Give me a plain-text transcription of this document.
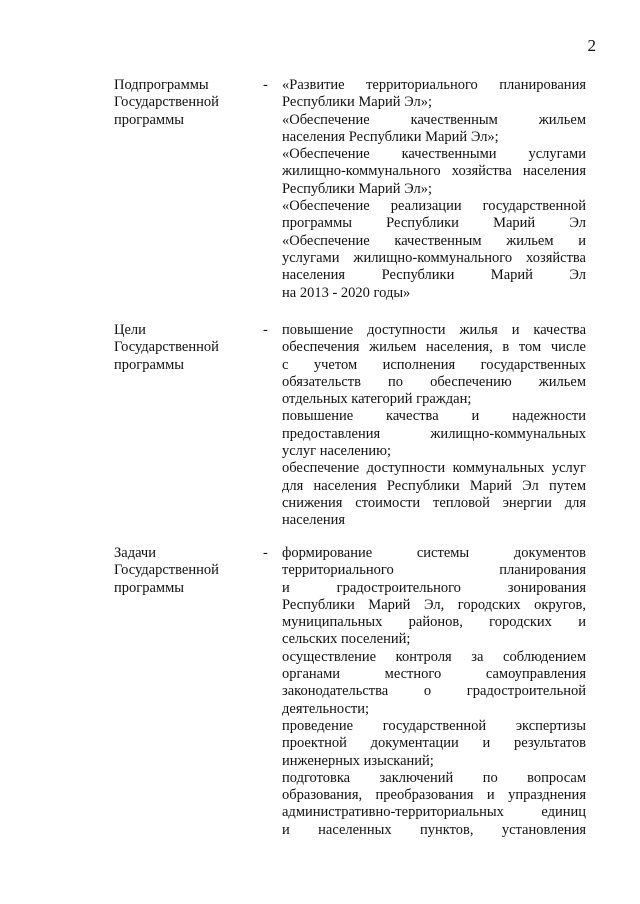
2
Подпрограммы
Государственной
программы
- «Развитие территориального планирования
Республики Марий Эл»;
«Обеспечение качественным жильем
населения Республики Марий Эл»;
«Обеспечение качественными услугами
жилищно-коммунального хозяйства населения
Республики Марий Эл»;
«Обеспечение реализации государственной
программы Республики Марий Эл
«Обеспечение качественным жильем и
услугами жилищно-коммунального хозяйства
населения Республики Марий Эл
на 2013 - 2020 годы»
Цели
Государственной
программы
- повышение доступности жилья и качества
обеспечения жильем населения, в том числе
с учетом исполнения государственных
обязательств по обеспечению жильем
отдельных категорий граждан;
повышение качества и надежности
предоставления жилищно-коммунальных
услуг населению;
обеспечение доступности коммунальных услуг
для населения Республики Марий Эл путем
снижения стоимости тепловой энергии для
населения
Задачи
Государственной
программы
- формирование системы документов
территориального планирования
и градостроительного зонирования
Республики Марий Эл, городских округов,
муниципальных районов, городских и
сельских поселений;
осуществление контроля за соблюдением
органами местного самоуправления
законодательства о градостроительной
деятельности;
проведение государственной экспертизы
проектной документации и результатов
инженерных изысканий;
подготовка заключений по вопросам
образования, преобразования и упразднения
административно-территориальных единиц
и населенных пунктов, установления
